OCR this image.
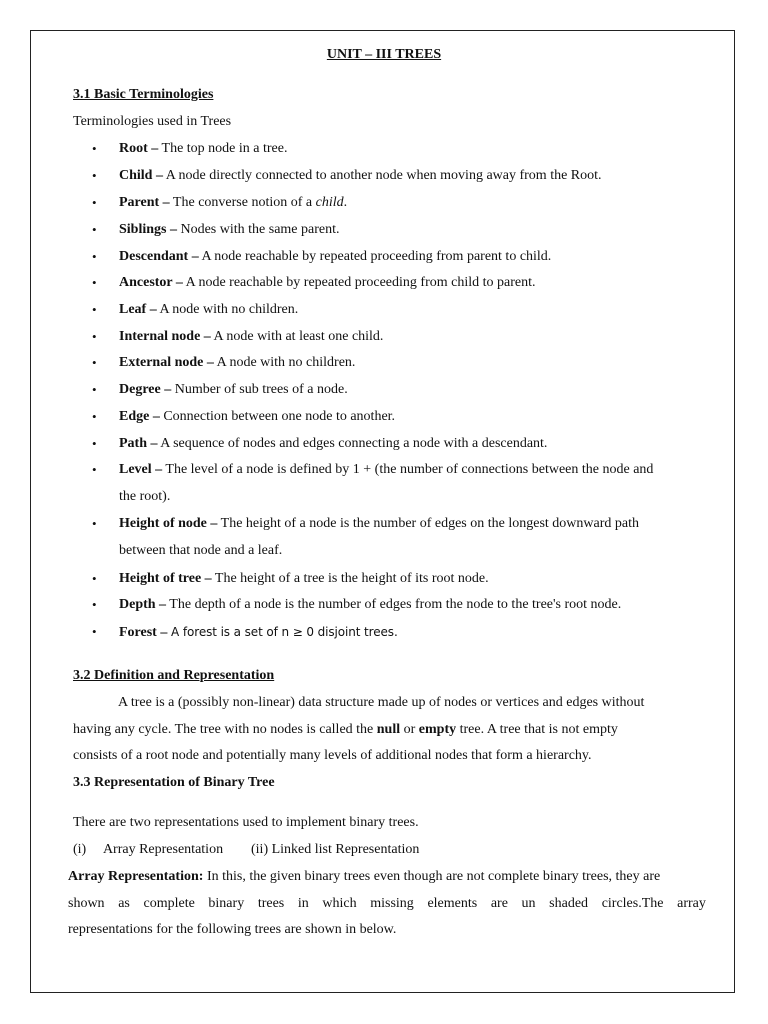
UNIT – III TREES
3.1 Basic Terminologies
Terminologies used in Trees
•	Root – The top node in a tree.
•	Child – A node directly connected to another node when moving away from the Root.
•	Parent – The converse notion of a child.
•	Siblings – Nodes with the same parent.
•	Descendant – A node reachable by repeated proceeding from parent to child.
•	Ancestor – A node reachable by repeated proceeding from child to parent.
•	Leaf – A node with no children.
•	Internal node – A node with at least one child.
•	External node – A node with no children.
•	Degree – Number of sub trees of a node.
•	Edge – Connection between one node to another.
•	Path – A sequence of nodes and edges connecting a node with a descendant.
•	Level – The level of a node is defined by 1 + (the number of connections between the node and
the root).
•	Height of node – The height of a node is the number of edges on the longest downward path
between that node and a leaf.
•	Height of tree – The height of a tree is the height of its root node.
•	Depth – The depth of a node is the number of edges from the node to the tree's root node.
•	Forest – A forest is a set of n ≥ 0 disjoint trees.
3.2 Definition and Representation
A tree is a (possibly non-linear) data structure made up of nodes or vertices and edges without
having any cycle. The tree with no nodes is called the null or empty tree. A tree that is not empty
consists of a root node and potentially many levels of additional nodes that form a hierarchy.
3.3 Representation of Binary Tree
There are two representations used to implement binary trees.
(i)     Array Representation (ii) Linked list Representation
Array Representation: In this, the given binary trees even though are not complete binary trees, they are
shown as complete binary trees in which missing elements are un shaded circles.The array
representations for the following trees are shown in below.
